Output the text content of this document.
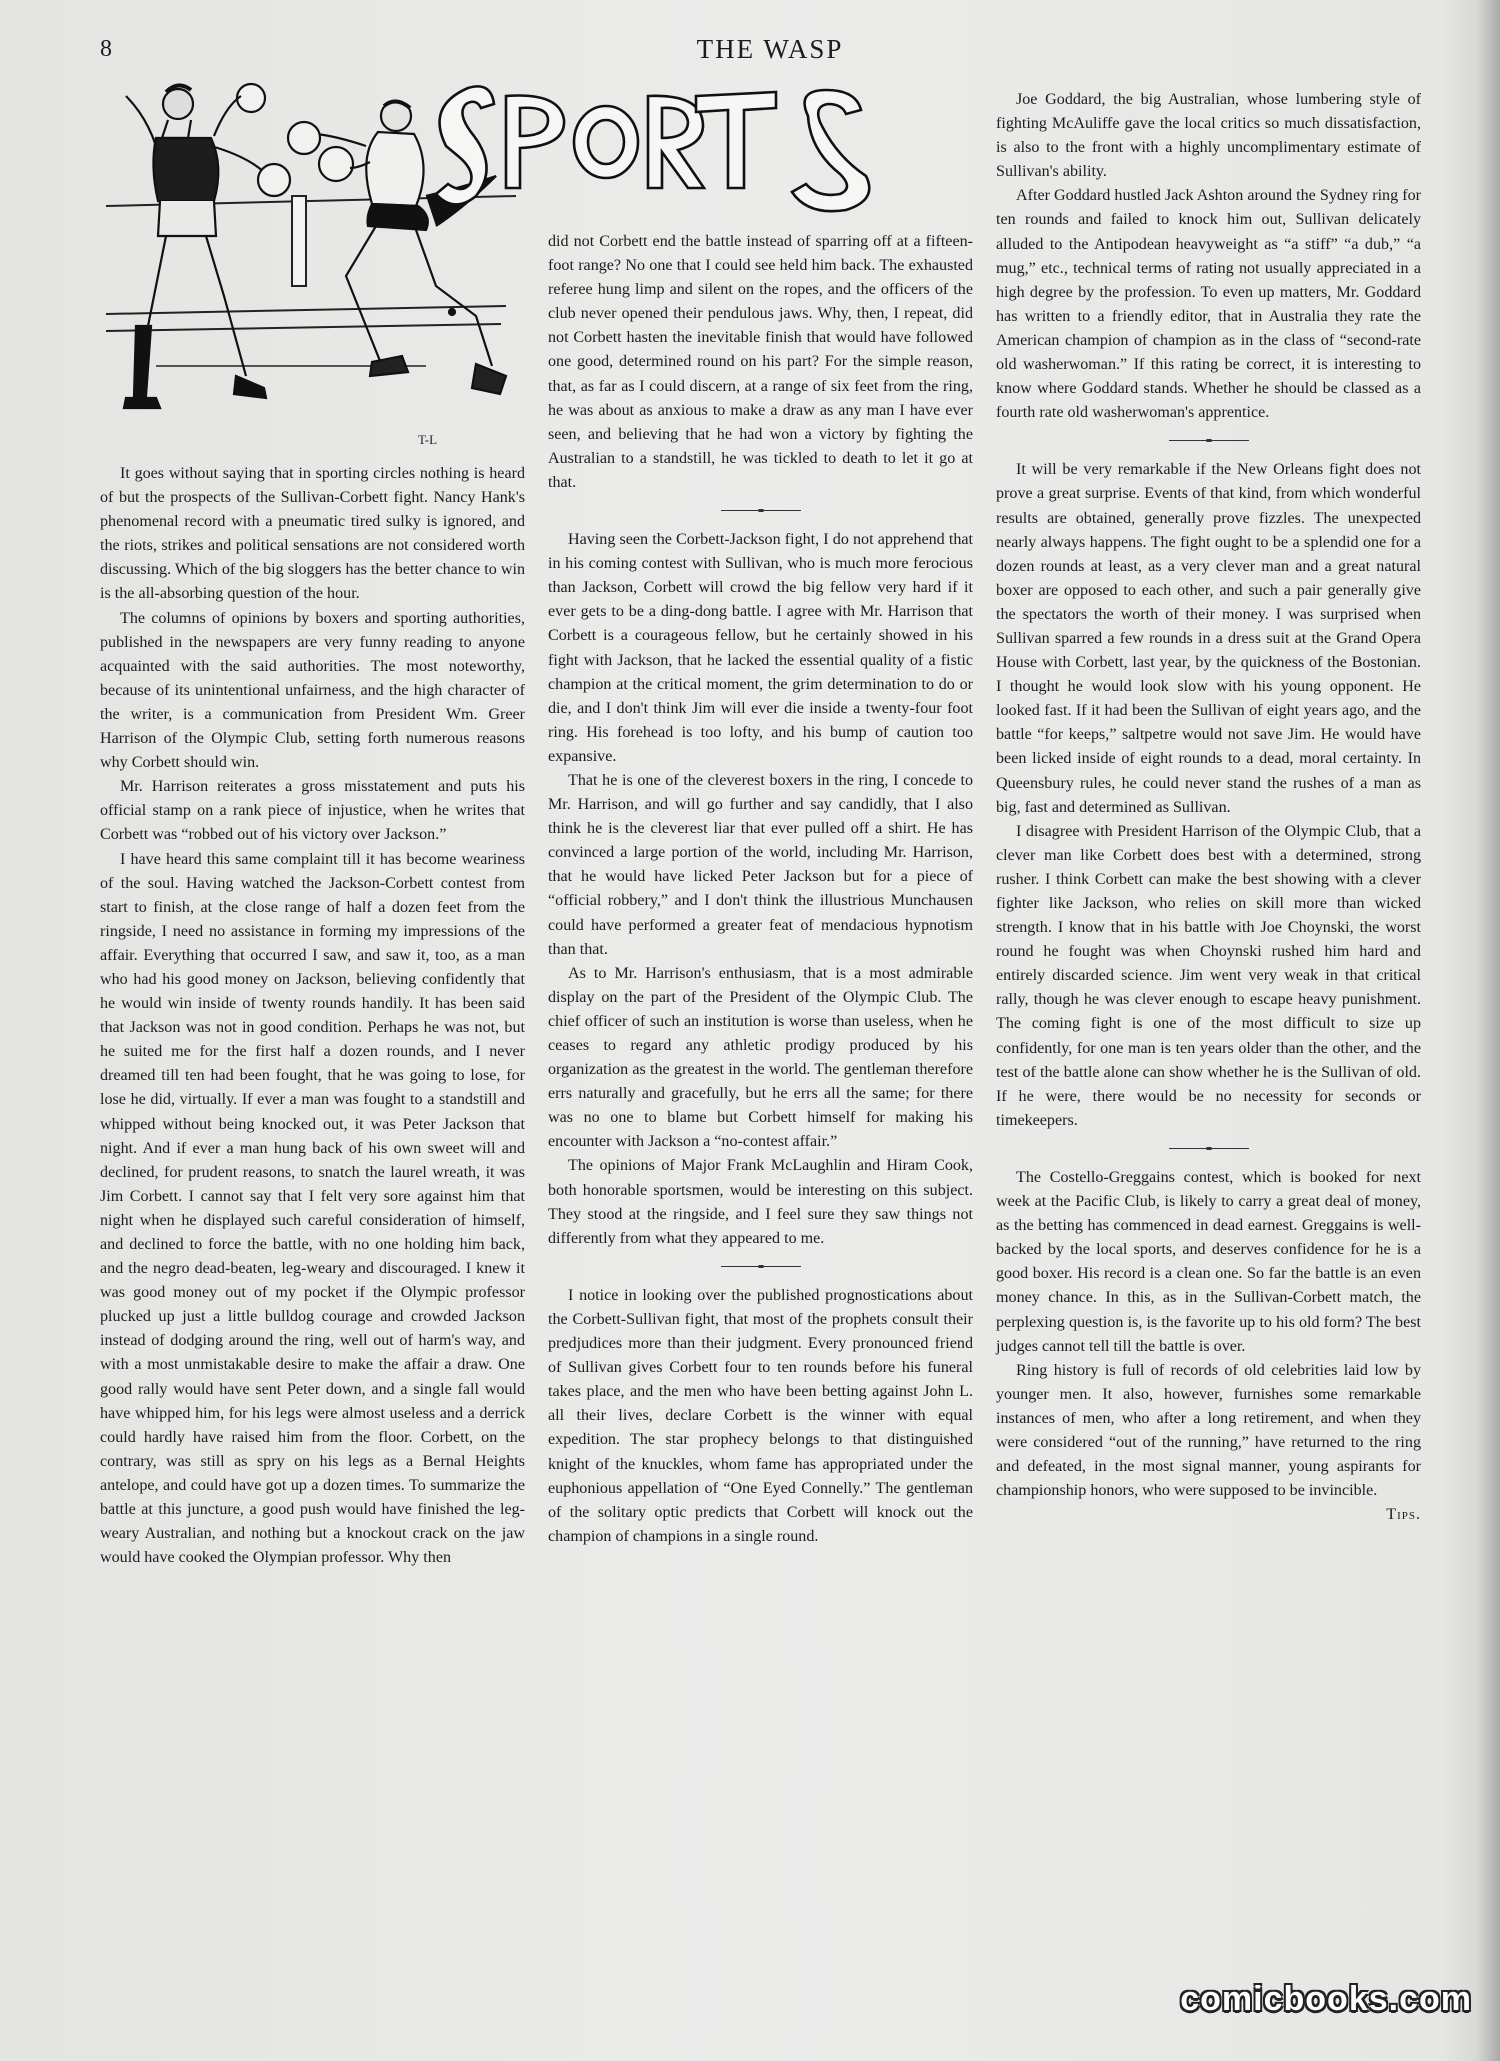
8	THE WASP
T-L

It goes without saying that in sporting circles nothing is heard of but the prospects of the Sullivan-Corbett fight. Nancy Hank's phenomenal record with a pneumatic tired sulky is ignored, and the riots, strikes and political sensations are not considered worth discussing. Which of the big sloggers has the better chance to win is the all-absorbing question of the hour.

The columns of opinions by boxers and sporting authorities, published in the newspapers are very funny reading to anyone acquainted with the said authorities. The most noteworthy, because of its unintentional unfairness, and the high character of the writer, is a communication from President Wm. Greer Harrison of the Olympic Club, setting forth numerous reasons why Corbett should win.

Mr. Harrison reiterates a gross misstatement and puts his official stamp on a rank piece of injustice, when he writes that Corbett was “robbed out of his victory over Jackson.”

I have heard this same complaint till it has become weariness of the soul. Having watched the Jackson-Corbett contest from start to finish, at the close range of half a dozen feet from the ringside, I need no assistance in forming my impressions of the affair. Everything that occurred I saw, and saw it, too, as a man who had his good money on Jackson, believing confidently that he would win inside of twenty rounds handily. It has been said that Jackson was not in good condition. Perhaps he was not, but he suited me for the first half a dozen rounds, and I never dreamed till ten had been fought, that he was going to lose, for lose he did, virtually. If ever a man was fought to a standstill and whipped without being knocked out, it was Peter Jackson that night. And if ever a man hung back of his own sweet will and declined, for prudent reasons, to snatch the laurel wreath, it was Jim Corbett. I cannot say that I felt very sore against him that night when he displayed such careful consideration of himself, and declined to force the battle, with no one holding him back, and the negro dead-beaten, leg-weary and discouraged. I knew it was good money out of my pocket if the Olympic professor plucked up just a little bulldog courage and crowded Jackson instead of dodging around the ring, well out of harm's way, and with a most unmistakable desire to make the affair a draw. One good rally would have sent Peter down, and a single fall would have whipped him, for his legs were almost useless and a derrick could hardly have raised him from the floor. Corbett, on the contrary, was still as spry on his legs as a Bernal Heights antelope, and could have got up a dozen times. To summarize the battle at this juncture, a good push would have finished the leg-weary Australian, and nothing but a knockout crack on the jaw would have cooked the Olympian professor. Why then

did not Corbett end the battle instead of sparring off at a fifteen-foot range? No one that I could see held him back. The exhausted referee hung limp and silent on the ropes, and the officers of the club never opened their pendulous jaws. Why, then, I repeat, did not Corbett hasten the inevitable finish that would have followed one good, determined round on his part? For the simple reason, that, as far as I could discern, at a range of six feet from the ring, he was about as anxious to make a draw as any man I have ever seen, and believing that he had won a victory by fighting the Australian to a standstill, he was tickled to death to let it go at that.

Having seen the Corbett-Jackson fight, I do not apprehend that in his coming contest with Sullivan, who is much more ferocious than Jackson, Corbett will crowd the big fellow very hard if it ever gets to be a ding-dong battle. I agree with Mr. Harrison that Corbett is a courageous fellow, but he certainly showed in his fight with Jackson, that he lacked the essential quality of a fistic champion at the critical moment, the grim determination to do or die, and I don't think Jim will ever die inside a twenty-four foot ring. His forehead is too lofty, and his bump of caution too expansive.

That he is one of the cleverest boxers in the ring, I concede to Mr. Harrison, and will go further and say candidly, that I also think he is the cleverest liar that ever pulled off a shirt. He has convinced a large portion of the world, including Mr. Harrison, that he would have licked Peter Jackson but for a piece of “official robbery,” and I don't think the illustrious Munchausen could have performed a greater feat of mendacious hypnotism than that.

As to Mr. Harrison's enthusiasm, that is a most admirable display on the part of the President of the Olympic Club. The chief officer of such an institution is worse than useless, when he ceases to regard any athletic prodigy produced by his organization as the greatest in the world. The gentleman therefore errs naturally and gracefully, but he errs all the same; for there was no one to blame but Corbett himself for making his encounter with Jackson a “no-contest affair.”

The opinions of Major Frank McLaughlin and Hiram Cook, both honorable sportsmen, would be interesting on this subject. They stood at the ringside, and I feel sure they saw things not differently from what they appeared to me.

I notice in looking over the published prognostications about the Corbett-Sullivan fight, that most of the prophets consult their predjudices more than their judgment. Every pronounced friend of Sullivan gives Corbett four to ten rounds before his funeral takes place, and the men who have been betting against John L. all their lives, declare Corbett is the winner with equal expedition. The star prophecy belongs to that distinguished knight of the knuckles, whom fame has appropriated under the euphonious appellation of “One Eyed Connelly.” The gentleman of the solitary optic predicts that Corbett will knock out the champion of champions in a single round.

Joe Goddard, the big Australian, whose lumbering style of fighting McAuliffe gave the local critics so much dissatisfaction, is also to the front with a highly uncomplimentary estimate of Sullivan's ability.

After Goddard hustled Jack Ashton around the Sydney ring for ten rounds and failed to knock him out, Sullivan delicately alluded to the Antipodean heavyweight as “a stiff” “a dub,” “a mug,” etc., technical terms of rating not usually appreciated in a high degree by the profession. To even up matters, Mr. Goddard has written to a friendly editor, that in Australia they rate the American champion of champion as in the class of “second-rate old washerwoman.” If this rating be correct, it is interesting to know where Goddard stands. Whether he should be classed as a fourth rate old washerwoman's apprentice.

It will be very remarkable if the New Orleans fight does not prove a great surprise. Events of that kind, from which wonderful results are obtained, generally prove fizzles. The unexpected nearly always happens. The fight ought to be a splendid one for a dozen rounds at least, as a very clever man and a great natural boxer are opposed to each other, and such a pair generally give the spectators the worth of their money. I was surprised when Sullivan sparred a few rounds in a dress suit at the Grand Opera House with Corbett, last year, by the quickness of the Bostonian. I thought he would look slow with his young opponent. He looked fast. If it had been the Sullivan of eight years ago, and the battle “for keeps,” saltpetre would not save Jim. He would have been licked inside of eight rounds to a dead, moral certainty. In Queensbury rules, he could never stand the rushes of a man as big, fast and determined as Sullivan.

I disagree with President Harrison of the Olympic Club, that a clever man like Corbett does best with a determined, strong rusher. I think Corbett can make the best showing with a clever fighter like Jackson, who relies on skill more than wicked strength. I know that in his battle with Joe Choynski, the worst round he fought was when Choynski rushed him hard and entirely discarded science. Jim went very weak in that critical rally, though he was clever enough to escape heavy punishment. The coming fight is one of the most difficult to size up confidently, for one man is ten years older than the other, and the test of the battle alone can show whether he is the Sullivan of old. If he were, there would be no necessity for seconds or timekeepers.

The Costello-Greggains contest, which is booked for next week at the Pacific Club, is likely to carry a great deal of money, as the betting has commenced in dead earnest. Greggains is well-backed by the local sports, and deserves confidence for he is a good boxer. His record is a clean one. So far the battle is an even money chance. In this, as in the Sullivan-Corbett match, the perplexing question is, is the favorite up to his old form? The best judges cannot tell till the battle is over.

Ring history is full of records of old celebrities laid low by younger men. It also, however, furnishes some remarkable instances of men, who after a long retirement, and when they were considered “out of the running,” have returned to the ring and defeated, in the most signal manner, young aspirants for championship honors, who were supposed to be invincible.
Tips.

comicbooks.com
